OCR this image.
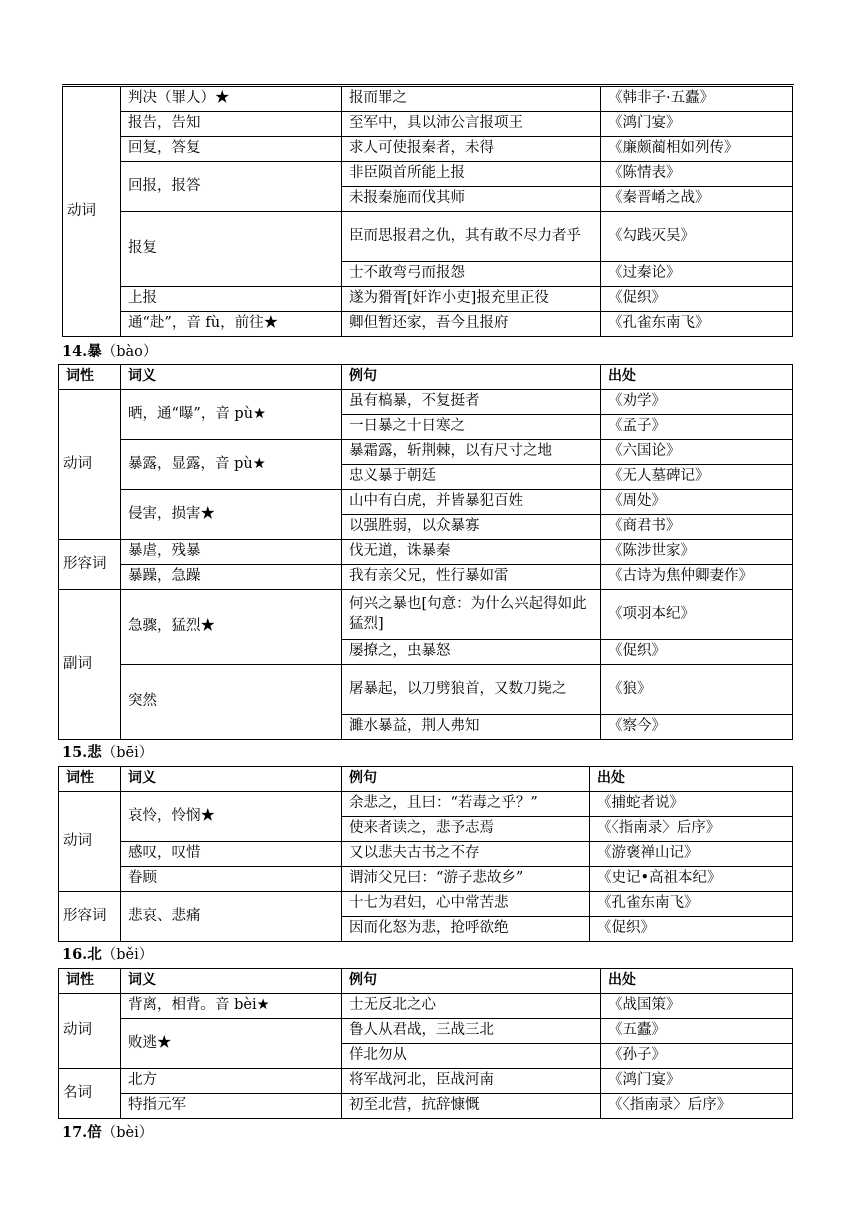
动词	判决（罪人）★	报而罪之	《韩非子·五蠹》
	报告，告知	至军中，具以沛公言报项王	《鸿门宴》
	回复，答复	求人可使报秦者，未得	《廉颇蔺相如列传》
	回报，报答	非臣陨首所能上报	《陈情表》
		未报秦施而伐其师	《秦晋崤之战》
	报复	臣而思报君之仇，其有敢不尽力者乎	《勾践灭吴》
		士不敢弯弓而报怨	《过秦论》
	上报	遂为猾胥[奸诈小吏]报充里正役	《促织》
	通“赴”，音 fù，前往★	卿但暂还家，吾今且报府	《孔雀东南飞》
14.暴（bào）
词性	词义	例句	出处
动词	晒，通“曝”，音 pù★	虽有槁暴，不复挺者	《劝学》
		一日暴之十日寒之	《孟子》
	暴露，显露，音 pù★	暴霜露，斩荆棘，以有尺寸之地	《六国论》
		忠义暴于朝廷	《无人墓碑记》
	侵害，损害★	山中有白虎，并皆暴犯百姓	《周处》
		以强胜弱，以众暴寡	《商君书》
形容词	暴虐，残暴	伐无道，诛暴秦	《陈涉世家》
	暴躁，急躁	我有亲父兄，性行暴如雷	《古诗为焦仲卿妻作》
副词	急骤，猛烈★	何兴之暴也[句意：为什么兴起得如此猛烈]	《项羽本纪》
		屡撩之，虫暴怒	《促织》
	突然	屠暴起，以刀劈狼首，又数刀毙之	《狼》
		濉水暴益，荆人弗知	《察今》
15.悲（bēi）
词性	词义	例句	出处
动词	哀怜，怜悯★	余悲之，且曰：“若毒之乎？”	《捕蛇者说》
		使来者读之，悲予志焉	《〈指南录〉后序》
	感叹，叹惜	又以悲夫古书之不存	《游褒禅山记》
	眷顾	谓沛父兄曰：“游子悲故乡”	《史记•高祖本纪》
形容词	悲哀、悲痛	十七为君妇，心中常苦悲	《孔雀东南飞》
		因而化怒为悲，抢呼欲绝	《促织》
16.北（běi）
词性	词义	例句	出处
动词	背离，相背。音 bèi★	士无反北之心	《战国策》
	败逃★	鲁人从君战，三战三北	《五蠹》
		佯北勿从	《孙子》
名词	北方	将军战河北，臣战河南	《鸿门宴》
	特指元军	初至北营，抗辞慷慨	《〈指南录〉后序》
17.倍（bèi）
